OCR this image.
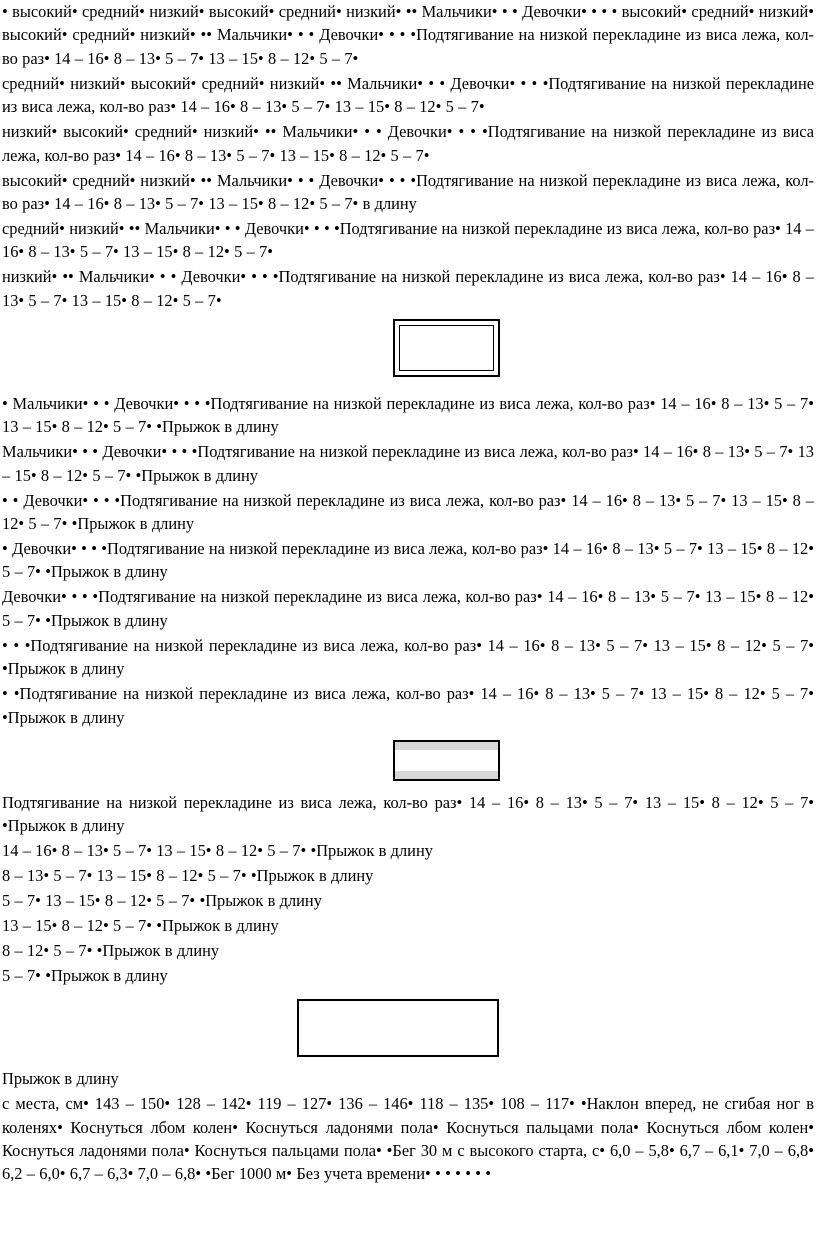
• высокий• средний• низкий• высокий• средний• низкий• •• Мальчики• • • Девочки• • • • высокий• средний• низкий• высокий• средний• низкий• •• Мальчики• • • Девочки• • • •Подтягивание на низкой перекладине из виса лежа, кол-во раз• 14 – 16• 8 – 13• 5 – 7• 13 – 15• 8 – 12• 5 – 7•

средний• низкий• высокий• средний• низкий• •• Мальчики• • • Девочки• • • •Подтягивание на низкой перекладине из виса лежа, кол-во раз• 14 – 16• 8 – 13• 5 – 7• 13 – 15• 8 – 12• 5 – 7•

низкий• высокий• средний• низкий• •• Мальчики• • • Девочки• • • •Подтягивание на низкой перекладине из виса лежа, кол-во раз• 14 – 16• 8 – 13• 5 – 7• 13 – 15• 8 – 12• 5 – 7•

высокий• средний• низкий• •• Мальчики• • • Девочки• • • •Подтягивание на низкой перекладине из виса лежа, кол-во раз• 14 – 16• 8 – 13• 5 – 7• 13 – 15• 8 – 12• 5 – 7• в длину

средний• низкий• •• Мальчики• • • Девочки• • • •Подтягивание на низкой перекладине из виса лежа, кол-во раз• 14 – 16• 8 – 13• 5 – 7• 13 – 15• 8 – 12• 5 – 7•

низкий• •• Мальчики• • • Девочки• • • •Подтягивание на низкой перекладине из виса лежа, кол-во раз• 14 – 16• 8 – 13• 5 – 7• 13 – 15• 8 – 12• 5 – 7•

• Мальчики• • • Девочки• • • •Подтягивание на низкой перекладине из виса лежа, кол-во раз• 14 – 16• 8 – 13• 5 – 7• 13 – 15• 8 – 12• 5 – 7• •Прыжок в длину

Мальчики• • • Девочки• • • •Подтягивание на низкой перекладине из виса лежа, кол-во раз• 14 – 16• 8 – 13• 5 – 7• 13 – 15• 8 – 12• 5 – 7• •Прыжок в длину

• • Девочки• • • •Подтягивание на низкой перекладине из виса лежа, кол-во раз• 14 – 16• 8 – 13• 5 – 7• 13 – 15• 8 – 12• 5 – 7• •Прыжок в длину

• Девочки• • • •Подтягивание на низкой перекладине из виса лежа, кол-во раз• 14 – 16• 8 – 13• 5 – 7• 13 – 15• 8 – 12• 5 – 7• •Прыжок в длину

Девочки• • • •Подтягивание на низкой перекладине из виса лежа, кол-во раз• 14 – 16• 8 – 13• 5 – 7• 13 – 15• 8 – 12• 5 – 7• •Прыжок в длину

• • •Подтягивание на низкой перекладине из виса лежа, кол-во раз• 14 – 16• 8 – 13• 5 – 7• 13 – 15• 8 – 12• 5 – 7• •Прыжок в длину

• •Подтягивание на низкой перекладине из виса лежа, кол-во раз• 14 – 16• 8 – 13• 5 – 7• 13 – 15• 8 – 12• 5 – 7• •Прыжок в длину

Подтягивание на низкой перекладине из виса лежа, кол-во раз• 14 – 16• 8 – 13• 5 – 7• 13 – 15• 8 – 12• 5 – 7• •Прыжок в длину

14 – 16• 8 – 13• 5 – 7• 13 – 15• 8 – 12• 5 – 7• •Прыжок в длину

8 – 13• 5 – 7• 13 – 15• 8 – 12• 5 – 7• •Прыжок в длину

5 – 7• 13 – 15• 8 – 12• 5 – 7• •Прыжок в длину

13 – 15• 8 – 12• 5 – 7• •Прыжок в длину

8 – 12• 5 – 7• •Прыжок в длину

5 – 7• •Прыжок в длину

Прыжок в длину

с места, см• 143 – 150• 128 – 142• 119 – 127• 136 – 146• 118 – 135• 108 – 117• •Наклон вперед, не сгибая ног в коленях• Коснуться лбом колен• Коснуться ладонями пола• Коснуться пальцами пола• Коснуться лбом колен• Коснуться ладонями пола• Коснуться пальцами пола• •Бег 30 м с высокого старта, с• 6,0 – 5,8• 6,7 – 6,1• 7,0 – 6,8• 6,2 – 6,0• 6,7 – 6,3• 7,0 – 6,8• •Бег 1000 м• Без учета времени• • • • • • •
